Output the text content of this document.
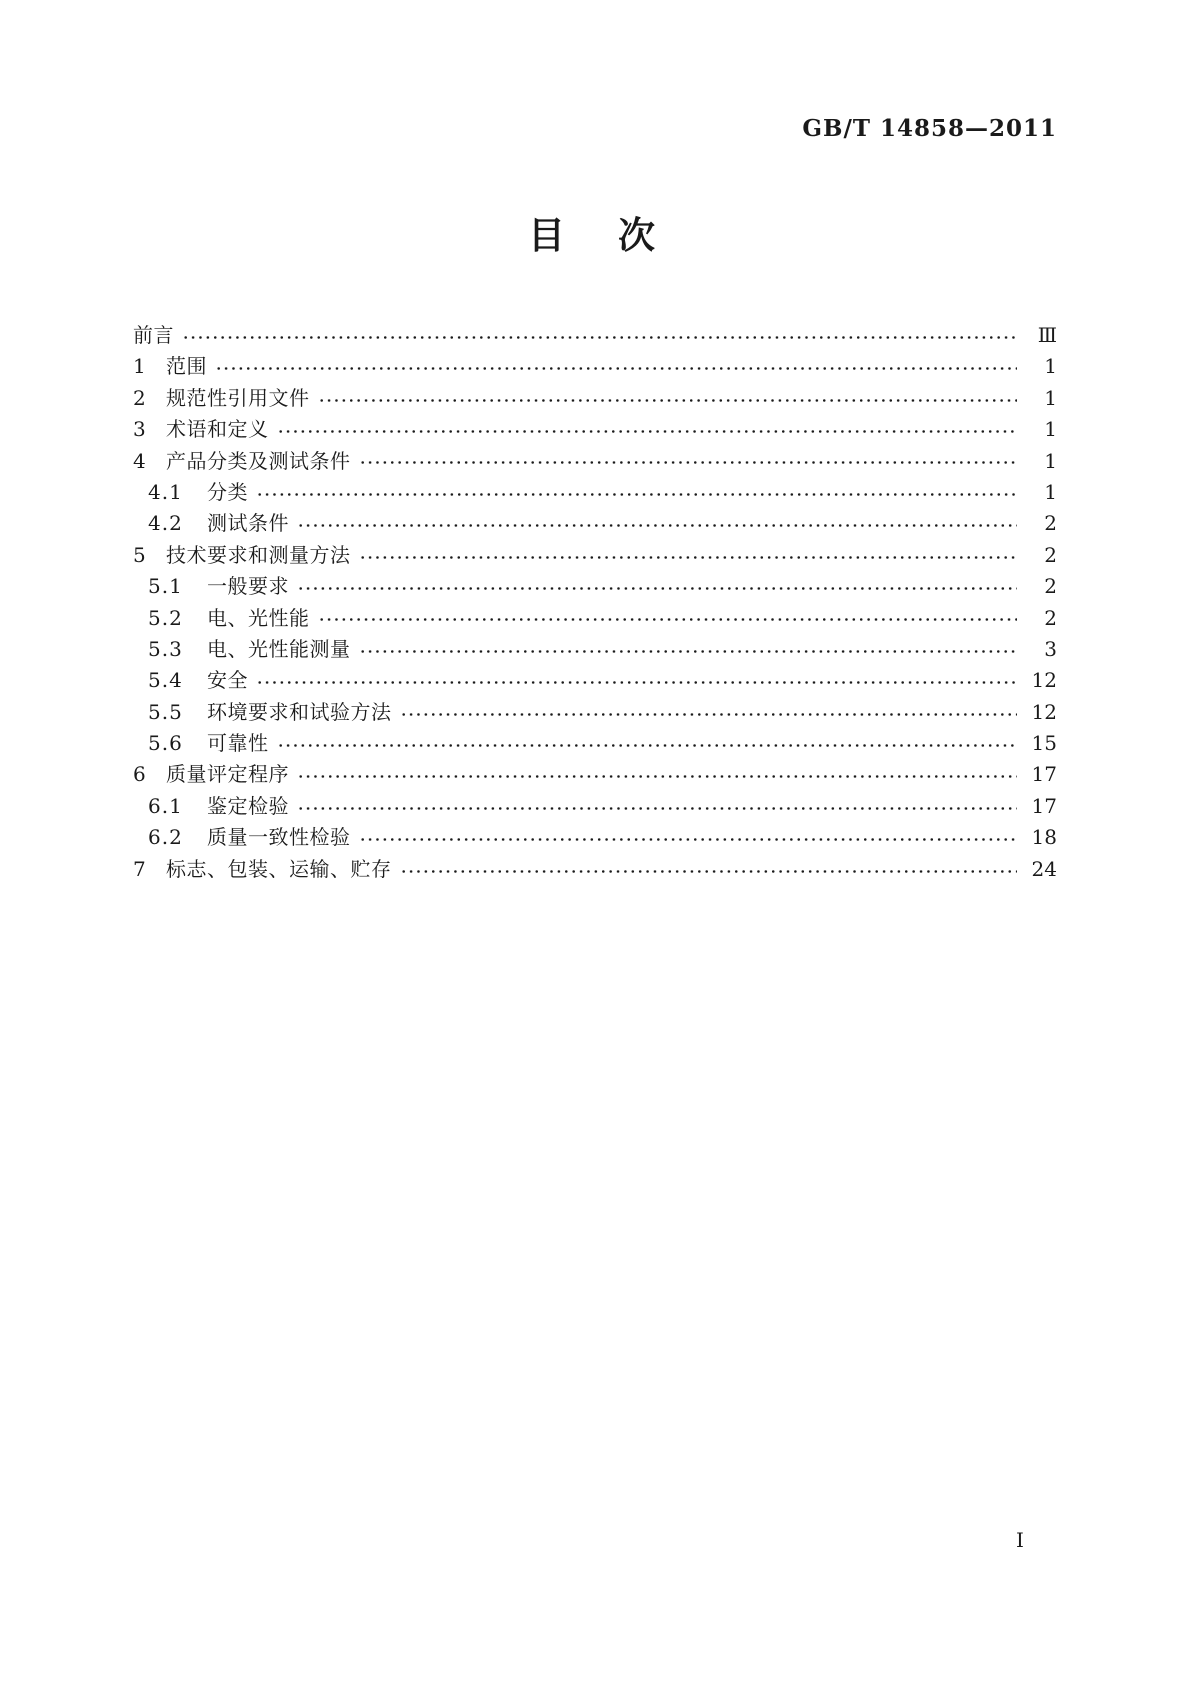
GB/T 14858—2011
目　次
前言	Ⅲ
1 范围	1
2 规范性引用文件	1
3 术语和定义	1
4 产品分类及测试条件	1
4.1	分类	1
4.2	测试条件	2
5 技术要求和测量方法	2
5.1	一般要求	2
5.2	电、光性能	2
5.3	电、光性能测量	3
5.4	安全	12
5.5	环境要求和试验方法	12
5.6	可靠性	15
6 质量评定程序	17
6.1	鉴定检验	17
6.2	质量一致性检验	18
7 标志、包装、运输、贮存	24
Ⅰ
